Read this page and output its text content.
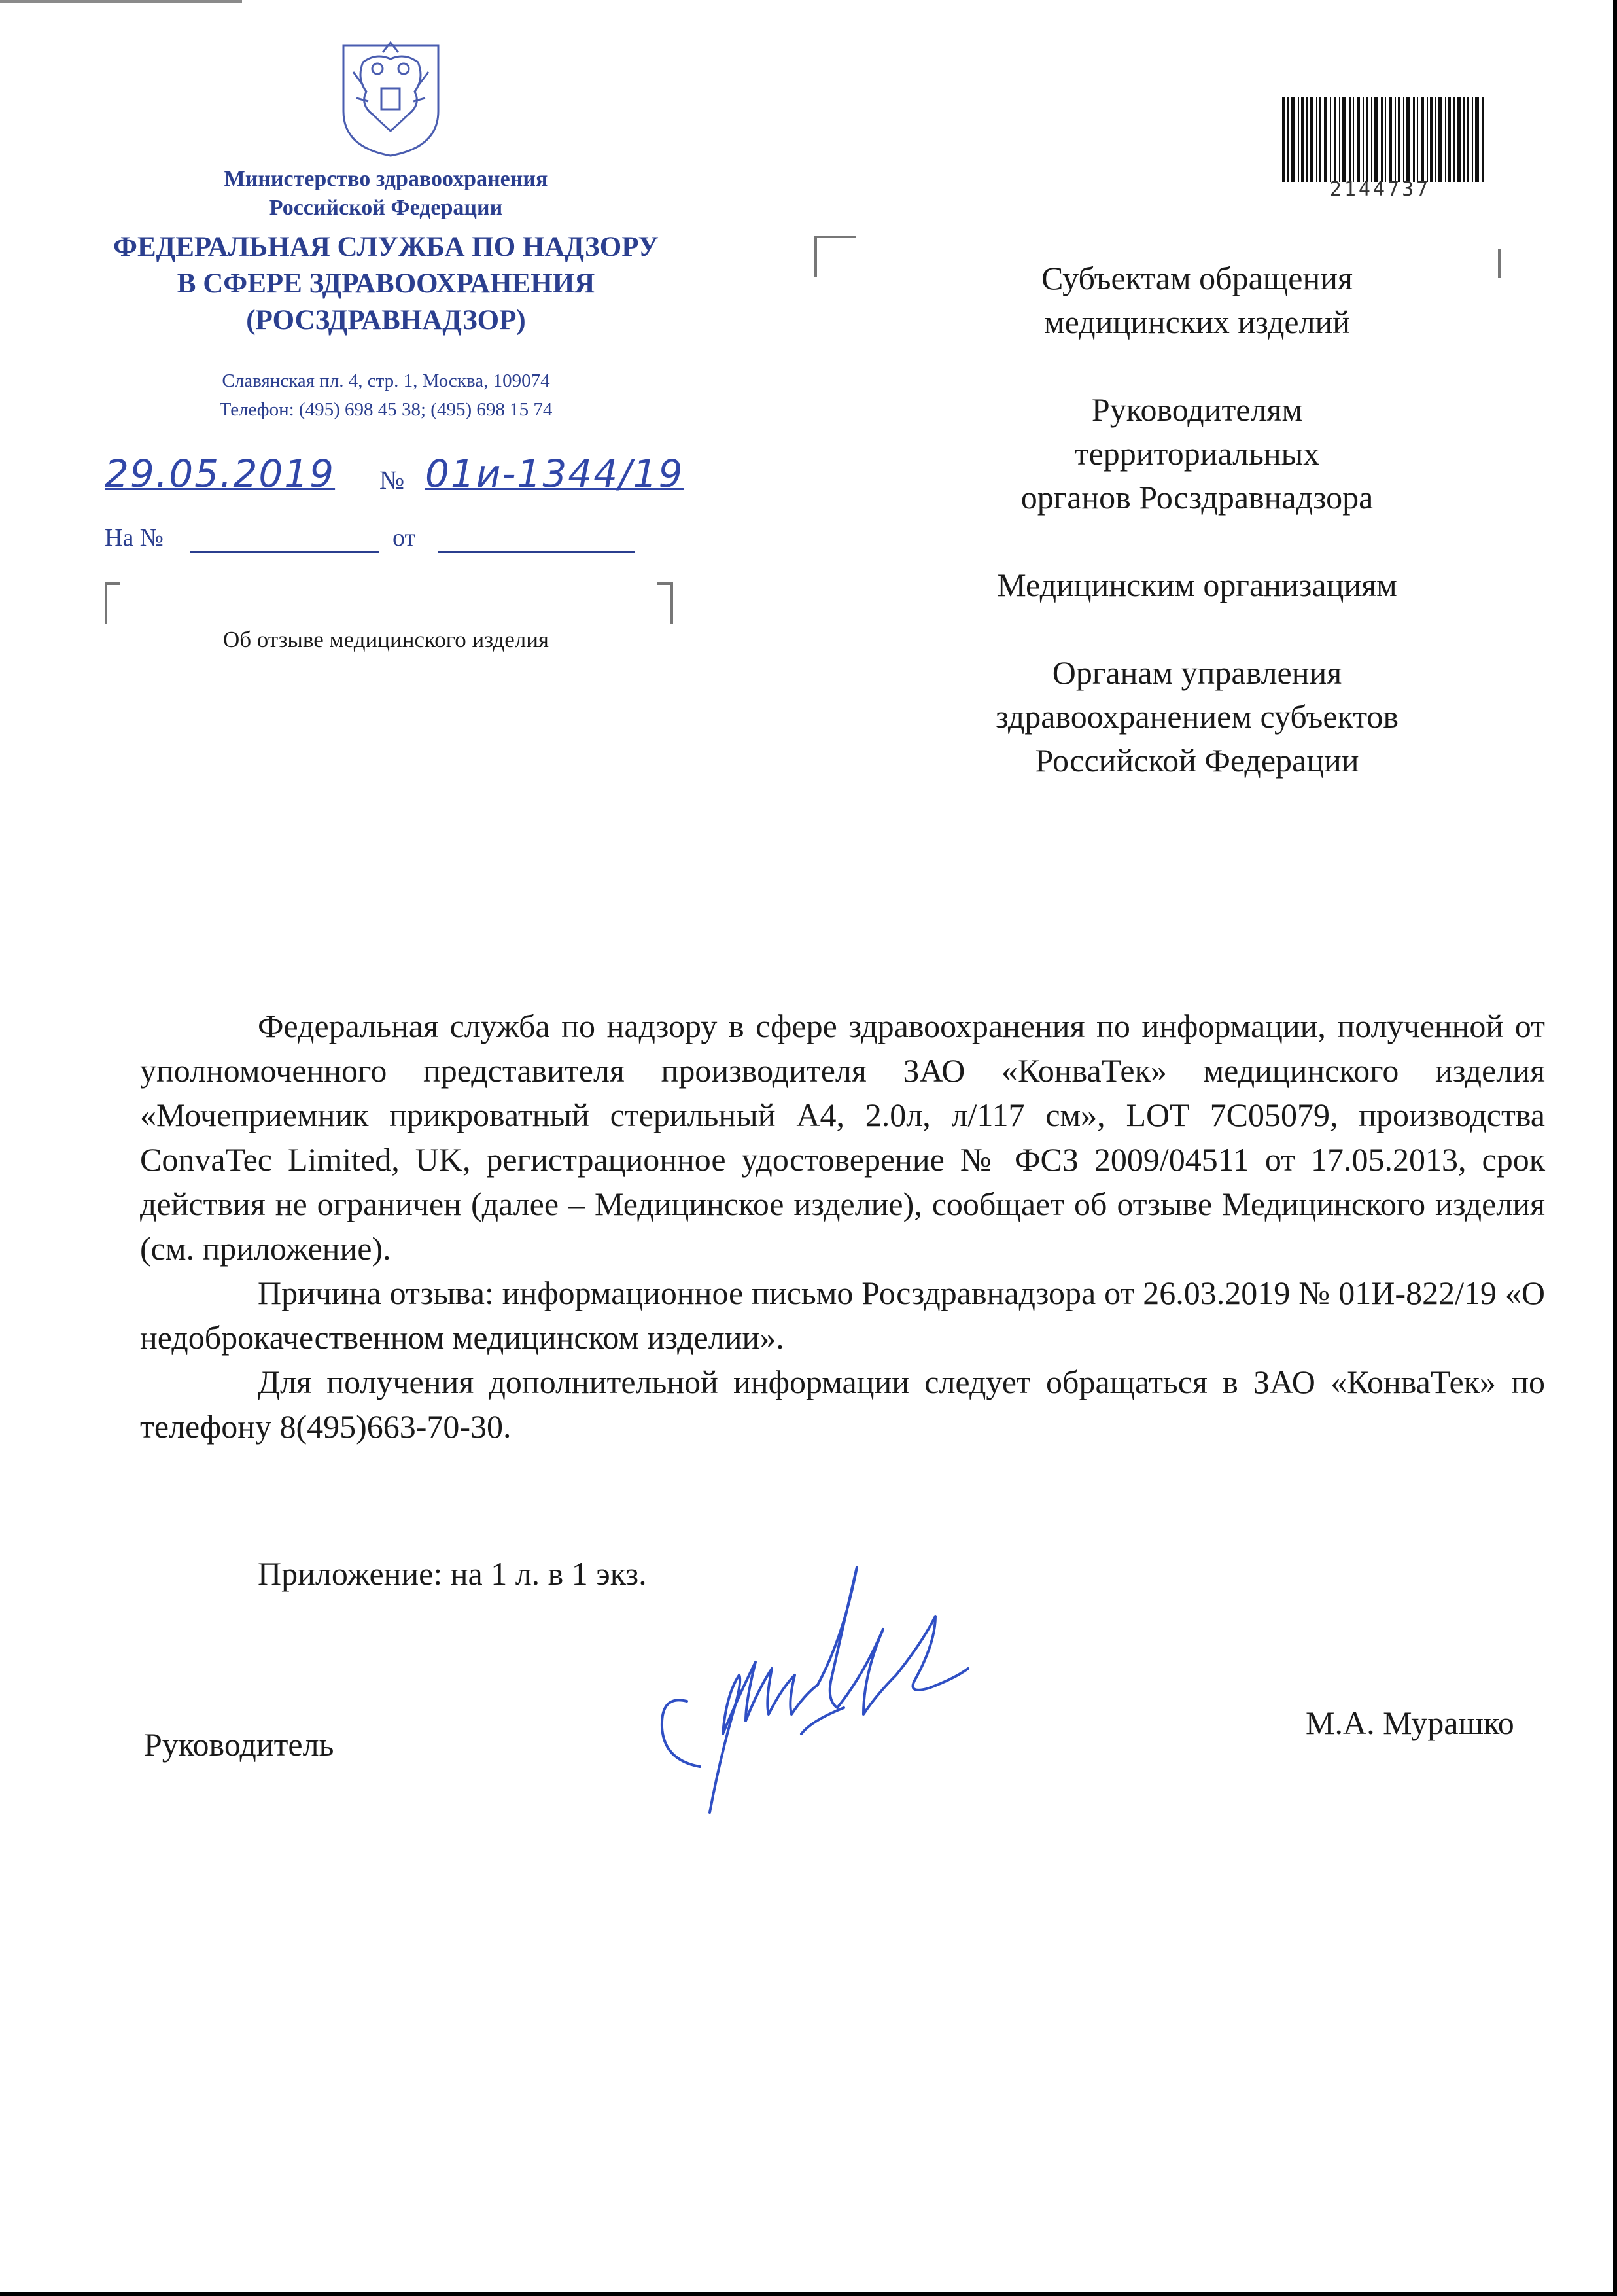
Министерство здравоохранения
Российской Федерации
ФЕДЕРАЛЬНАЯ СЛУЖБА ПО НАДЗОРУ
В СФЕРЕ ЗДРАВООХРАНЕНИЯ
(РОСЗДРАВНАДЗОР)
Славянская пл. 4, стр. 1, Москва, 109074
Телефон: (495) 698 45 38; (495) 698 15 74
29.05.2019 № 01и-1344/19
На №	от
Об отзыве медицинского изделия
2144737
Субъектам обращения
медицинских изделий
Руководителям
территориальных
органов Росздравнадзора
Медицинским организациям
Органам управления
здравоохранением субъектов
Российской Федерации

Федеральная служба по надзору в сфере здравоохранения по информации, полученной от уполномоченного представителя производителя ЗАО «КонваТек» медицинского изделия «Мочеприемник прикроватный стерильный А4, 2.0л, л/117 см», LOT 7С05079, производства ConvaTec Limited, UK, регистрационное удостоверение № ФСЗ 2009/04511 от 17.05.2013, срок действия не ограничен (далее – Медицинское изделие), сообщает об отзыве Медицинского изделия (см. приложение).

Причина отзыва: информационное письмо Росздравнадзора от 26.03.2019 № 01И-822/19 «О недоброкачественном медицинском изделии».

Для получения дополнительной информации следует обращаться в ЗАО «КонваТек» по телефону 8(495)663-70-30.

Приложение: на 1 л. в 1 экз.
Руководитель
М.А. Мурашко
